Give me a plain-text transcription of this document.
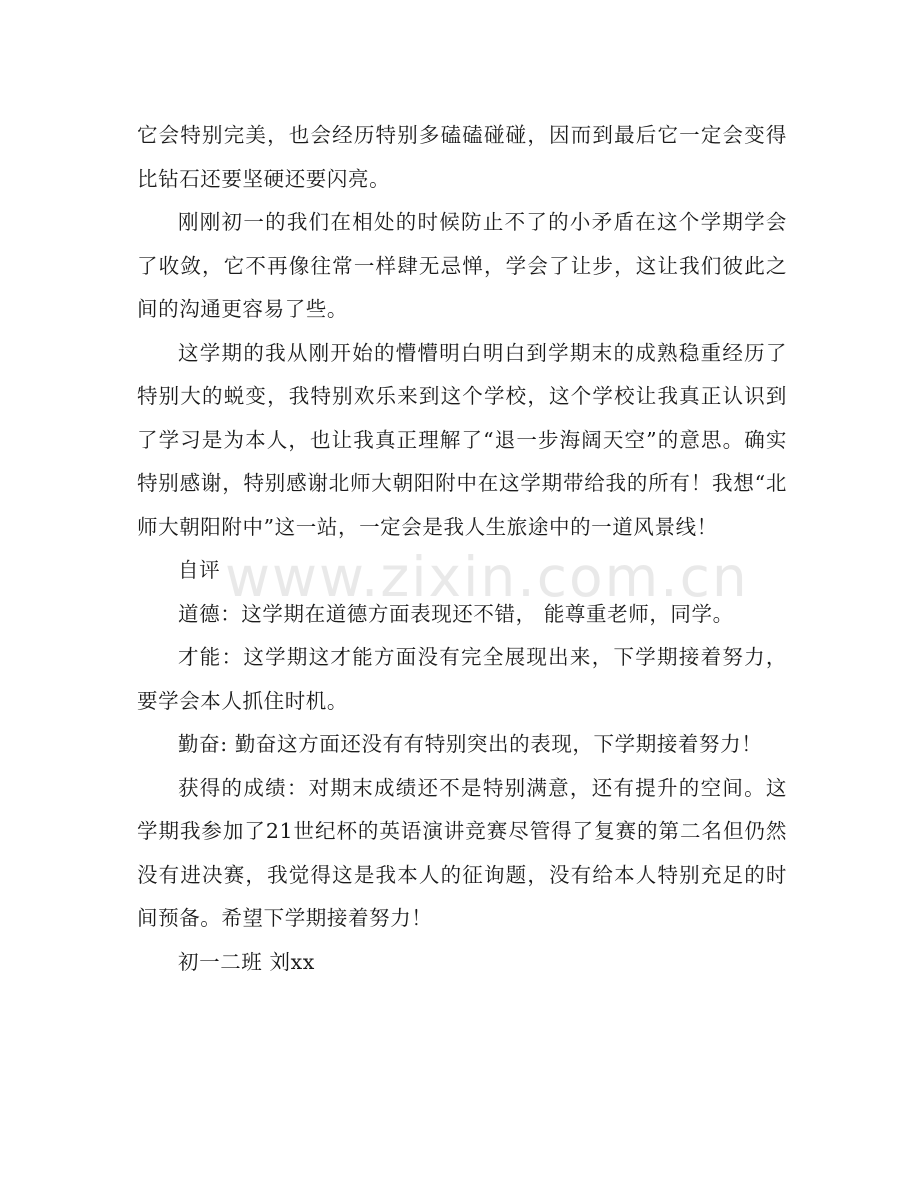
它会特别完美，也会经历特别多磕磕碰碰，因而到最后它一定会变得比钻石还要坚硬还要闪亮。

刚刚初一的我们在相处的时候防止不了的小矛盾在这个学期学会了收敛，它不再像往常一样肆无忌惮，学会了让步，这让我们彼此之间的沟通更容易了些。

这学期的我从刚开始的懵懵明白明白到学期末的成熟稳重经历了特别大的蜕变，我特别欢乐来到这个学校，这个学校让我真正认识到了学习是为本人，也让我真正理解了“退一步海阔天空”的意思。确实特别感谢，特别感谢北师大朝阳附中在这学期带给我的所有！我想“北师大朝阳附中”这一站，一定会是我人生旅途中的一道风景线！

自评

道德：这学期在道德方面表现还不错， 能尊重老师，同学。

才能：这学期这才能方面没有完全展现出来，下学期接着努力，要学会本人抓住时机。

勤奋: 勤奋这方面还没有有特别突出的表现，下学期接着努力！

获得的成绩：对期末成绩还不是特别满意，还有提升的空间。这学期我参加了21世纪杯的英语演讲竞赛尽管得了复赛的第二名但仍然没有进决赛，我觉得这是我本人的征询题，没有给本人特别充足的时间预备。希望下学期接着努力！

初一二班 刘xx

www.zixin.com.cn
